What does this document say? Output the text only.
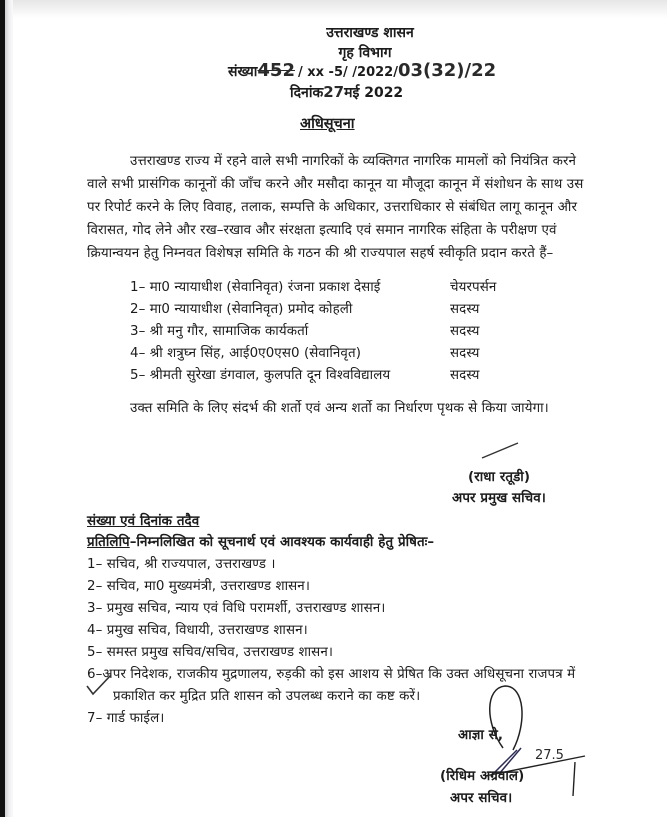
उत्तराखण्ड शासन
गृह विभाग
संख्या452 / xx -5/ /2022/03(32)/22
दिनांक27मई 2022
अधिसूचना
उत्तराखण्ड राज्य में रहने वाले सभी नागरिकों के व्यक्तिगत नागरिक मामलों को नियंत्रित करने
वाले सभी प्रासंगिक कानूनों की जाँच करने और मसौदा कानून या मौजूदा कानून में संशोधन के साथ उस
पर रिपोर्ट करने के लिए विवाह, तलाक, सम्पत्ति के अधिकार, उत्तराधिकार से संबंधित लागू कानून और
विरासत, गोद लेने और रख–रखाव और संरक्षता इत्यादि एवं समान नागरिक संहिता के परीक्षण एवं
क्रियान्वयन हेतु निम्नवत विशेषज्ञ समिति के गठन की श्री राज्यपाल सहर्ष स्वीकृति प्रदान करते हैं–
1– मा0 न्यायाधीश (सेवानिवृत) रंजना प्रकाश देसाई	चेयरपर्सन
2– मा0 न्यायाधीश (सेवानिवृत) प्रमोद कोहली	सदस्य
3– श्री मनु गौर, सामाजिक कार्यकर्ता	सदस्य
4– श्री शत्रुघ्न सिंह, आई0ए0एस0 (सेवानिवृत)	सदस्य
5– श्रीमती सुरेखा डंगवाल, कुलपति दून विश्वविद्यालय	सदस्य
उक्त समिति के लिए संदर्भ की शर्तो एवं अन्य शर्तो का निर्धारण पृथक से किया जायेगा।
(राधा रतूडी)
अपर प्रमुख सचिव।
संख्या एवं दिनांक तदैव
प्रतिलिपि–निम्नलिखित को सूचनार्थ एवं आवश्यक कार्यवाही हेतु प्रेषितः–
1– सचिव, श्री राज्यपाल, उत्तराखण्ड ।
2– सचिव, मा0 मुख्यमंत्री, उत्तराखण्ड शासन।
3– प्रमुख सचिव, न्याय एवं विधि परामर्शी, उत्तराखण्ड शासन।
4– प्रमुख सचिव, विधायी, उत्तराखण्ड शासन।
5– समस्त प्रमुख सचिव/सचिव, उत्तराखण्ड शासन।
6–अपर निदेशक, राजकीय मुद्रणालय, रुड़की को इस आशय से प्रेषित कि उक्त अधिसूचना राजपत्र में
प्रकाशित कर मुद्रित प्रति शासन को उपलब्ध कराने का कष्ट करें।
7– गार्ड फाईल।
आज्ञा से,
27.5
(रिधिम अग्रवाल)
अपर सचिव।
